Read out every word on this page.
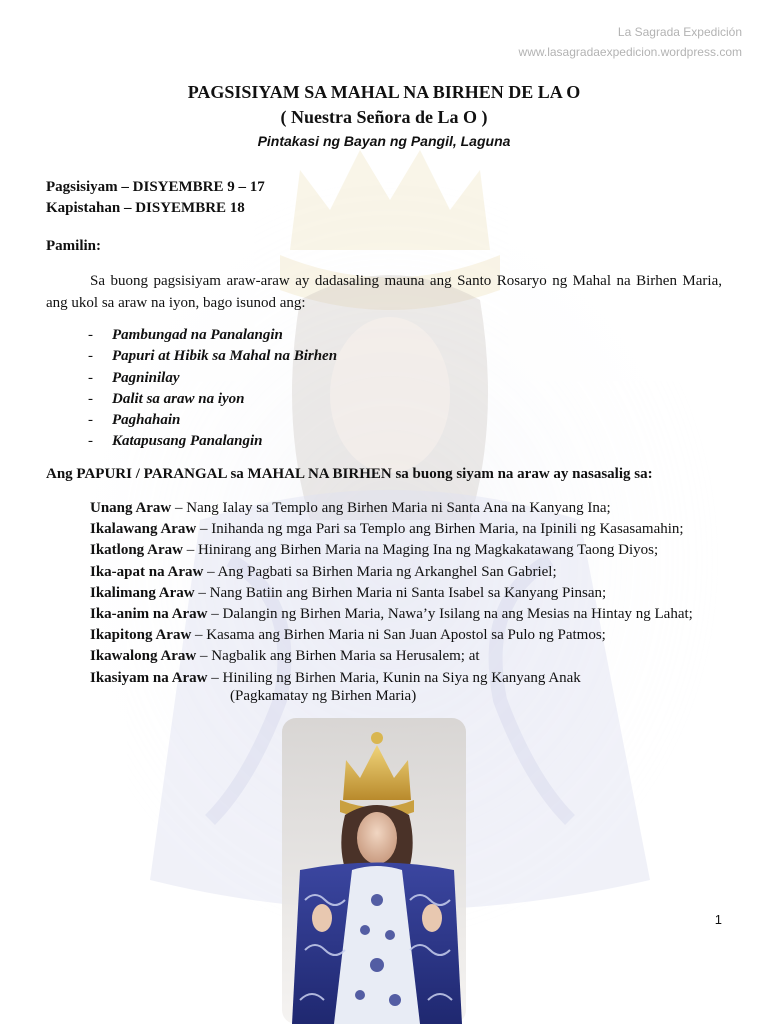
La Sagrada Expedición
www.lasagradaexpedicion.wordpress.com
PAGSISIYAM SA MAHAL NA BIRHEN DE LA O
( Nuestra Señora de La O )
Pintakasi ng Bayan ng Pangil, Laguna
Pagsisiyam – DISYEMBRE 9 – 17
Kapistahan – DISYEMBRE 18
Pamilin:
Sa buong pagsisiyam araw-araw ay dadasaling mauna ang Santo Rosaryo ng Mahal na Birhen Maria, ang ukol sa araw na iyon, bago isunod ang:
- Pambungad na Panalangin
- Papuri at Hibik sa Mahal na Birhen
- Pagninilay
- Dalit sa araw na iyon
- Paghahain
- Katapusang Panalangin
Ang PAPURI / PARANGAL sa MAHAL NA BIRHEN sa buong siyam na araw ay nasasalig sa:
Unang Araw – Nang Ialay sa Templo ang Birhen Maria ni Santa Ana na Kanyang Ina;
Ikalawang Araw – Inihanda ng mga Pari sa Templo ang Birhen Maria, na Ipinili ng Kasasamahin;
Ikatlong Araw – Hinirang ang Birhen Maria na Maging Ina ng Magkakatawang Taong Diyos;
Ika-apat na Araw – Ang Pagbati sa Birhen Maria ng Arkanghel San Gabriel;
Ikalimang Araw – Nang Batiin ang Birhen Maria ni Santa Isabel sa Kanyang Pinsan;
Ika-anim na Araw – Dalangin ng Birhen Maria, Nawa’y Isilang na ang Mesias na Hintay ng Lahat;
Ikapitong Araw – Kasama ang Birhen Maria ni San Juan Apostol sa Pulo ng Patmos;
Ikawalong Araw – Nagbalik ang Birhen Maria sa Herusalem; at
Ikasiyam na Araw – Hiniling ng Birhen Maria, Kunin na Siya ng Kanyang Anak
(Pagkamatay ng Birhen Maria)
1
